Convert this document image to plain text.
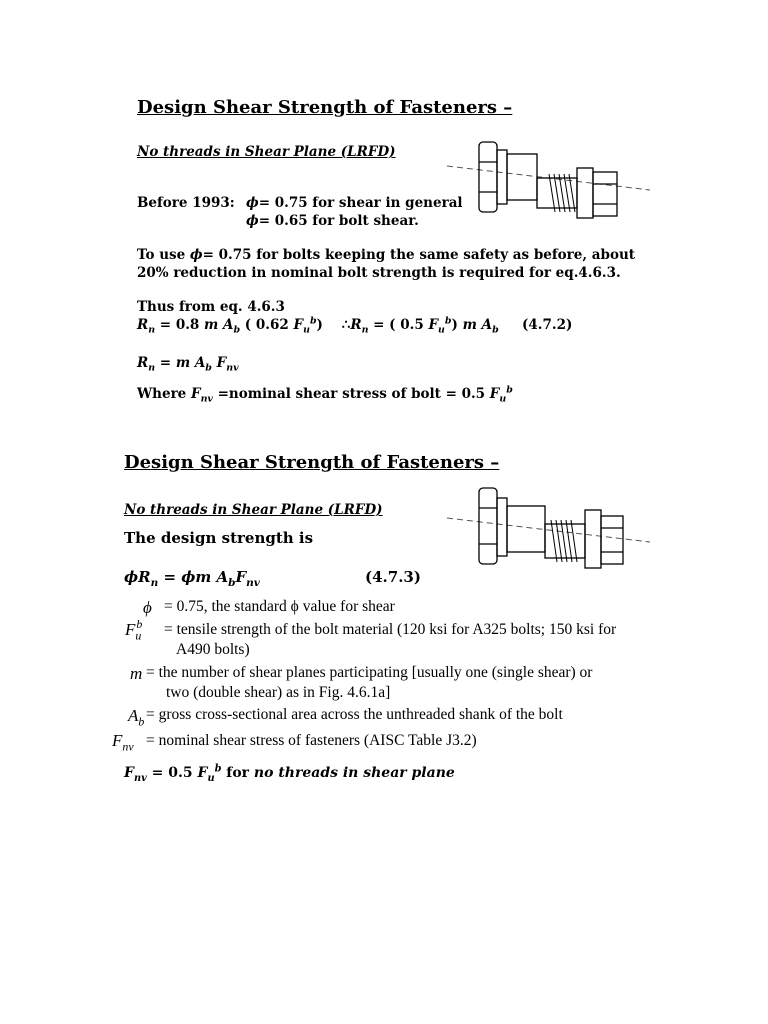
Design Shear Strength of Fasteners –
No threads in Shear Plane (LRFD)
Before 1993: ϕ= 0.75 for shear in general
ϕ= 0.65 for bolt shear.
To use ϕ= 0.75 for bolts keeping the same safety as before, about
20% reduction in nominal bolt strength is required for eq.4.6.3.
Thus from eq. 4.6.3
$R_n = 0.8$ m $A_b$ ( 0.62 $F_u^b$) $\therefore R_n$ = ( 0.5 $F_u^b$) m $A_b$ (4.7.2)
$R_n = m$ $A_b$ $F_{nv}$
Where $F_{nv}$ =nominal shear stress of bolt = 0.5 $F_u^b$
Design Shear Strength of Fasteners –
No threads in Shear Plane (LRFD)
The design strength is
$\phi R_n = \phi m$ $A_bF_{nv}$	(4.7.3)
ϕ = 0.75, the standard ϕ value for shear
$F_u^b$	= tensile strength of the bolt material (120 ksi for A325 bolts; 150 ksi for
A490 bolts)
m = the number of shear planes participating [usually one (single shear) or
two (double shear) as in Fig. 4.6.1a]
$A_b$ = gross cross-sectional area across the unthreaded shank of the bolt
$F_{nv}$ = nominal shear stress of fasteners (AISC Table J3.2)
$F_{nv} = 0.5$ $F_u^b$ for no threads in shear plane
